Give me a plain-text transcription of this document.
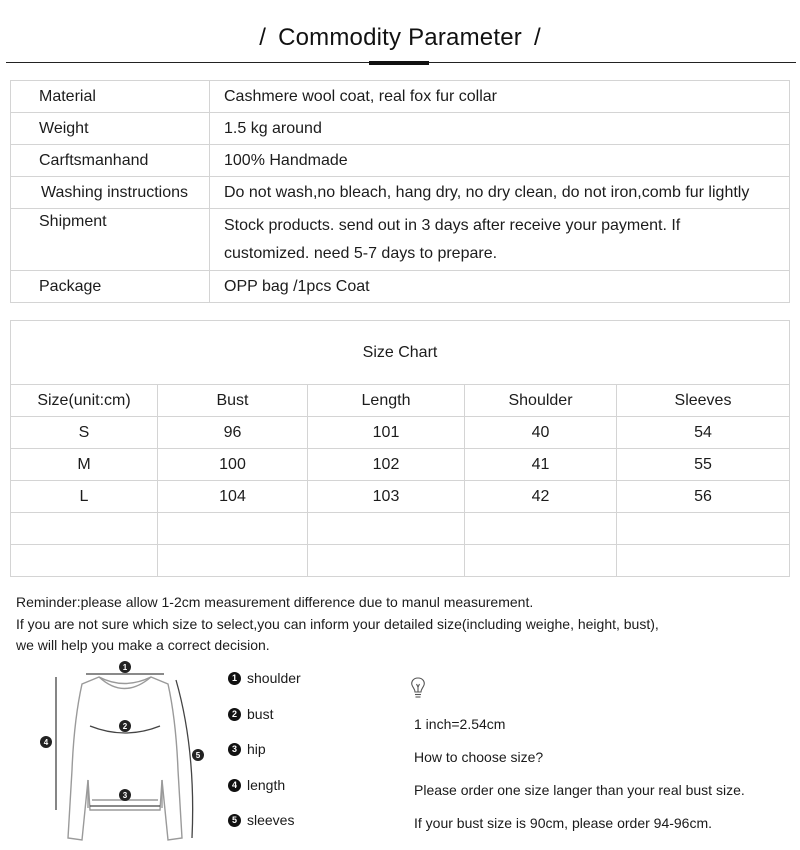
/ Commodity Parameter /
Material	Cashmere wool coat, real fox fur collar
Weight	1.5 kg around
Carftsmanhand	100% Handmade
Washing instructions	Do not wash,no bleach, hang dry, no dry clean, do not iron,comb fur lightly
Shipment	Stock products. send out in 3 days after receive your payment. If
customized. need 5-7 days to prepare.
Package	OPP bag /1pcs Coat
Size Chart				
Size(unit:cm)	Bust	Length	Shoulder	Sleeves
S	96	101	40	54
M	100	102	41	55
L	104	103	42	56

Reminder:please allow 1-2cm measurement difference due to manul measurement.
If you are not sure which size to select,you can inform your detailed size(including weighe, height, bust),
we will help you make a correct decision.
1
2
3
4
5
1 shoulder
2 bust
3 hip
4 length
5 sleeves
1 inch=2.54cm
How to choose size?
Please order one size langer than your real bust size.
If your bust size is 90cm, please order 94-96cm.
